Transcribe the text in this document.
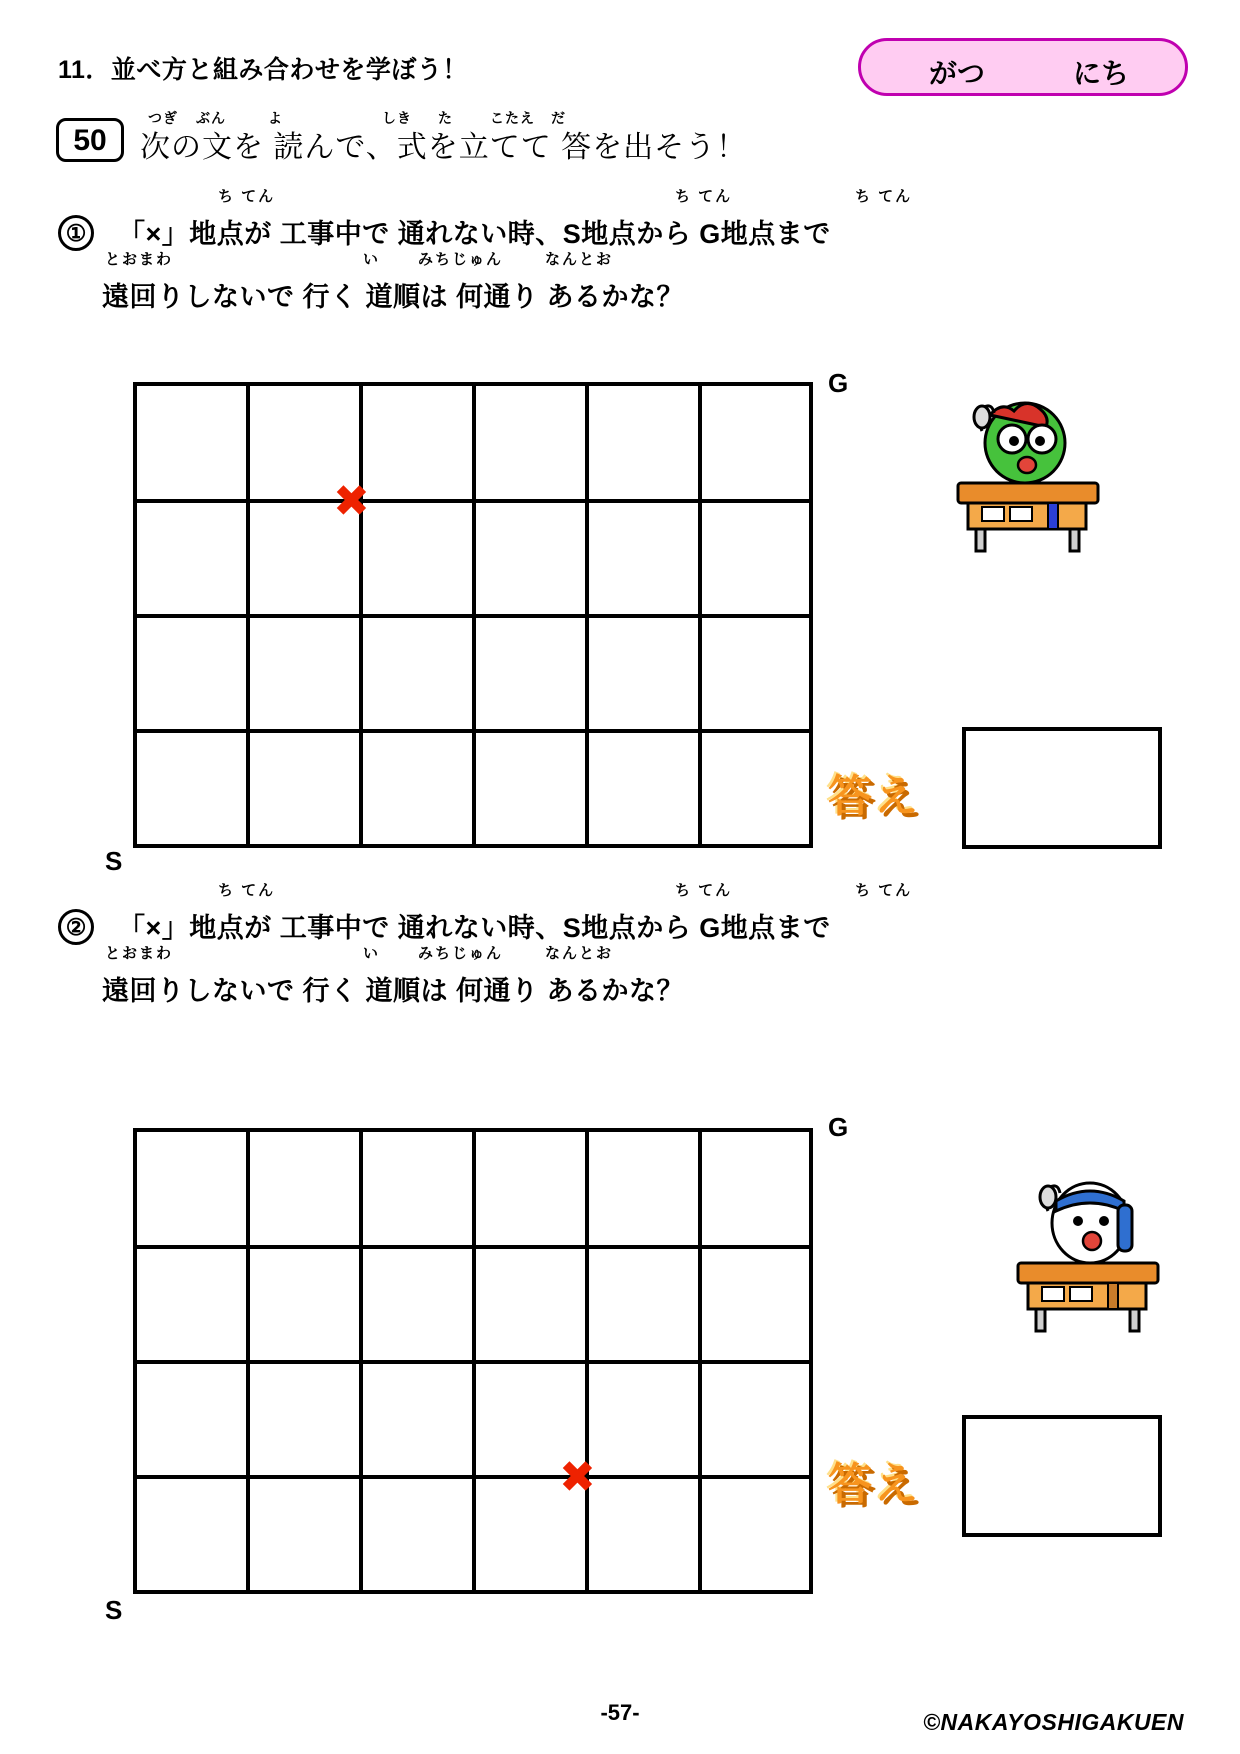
11．並べ方と組み合わせを学ぼう！	がつ	にち
50	次の文を 読んで、式を立てて 答を出そう！
つぎ ぶん	よ	しき た	こたえ だ
① 「×」地点が 工事中で 通れない時、S地点から G地点まで
遠回りしないで 行く 道順は 何通り あるかな？
ち てん	ち てん	ち てん
とおまわ	い	みちじゅん	なんとお
G
S
✖
答え
② 「×」地点が 工事中で 通れない時、S地点から G地点まで
遠回りしないで 行く 道順は 何通り あるかな？
ち てん	ち てん	ち てん
とおまわ	い	みちじゅん	なんとお
G
S
✖	答え
-57-	©NAKAYOSHIGAKUEN
